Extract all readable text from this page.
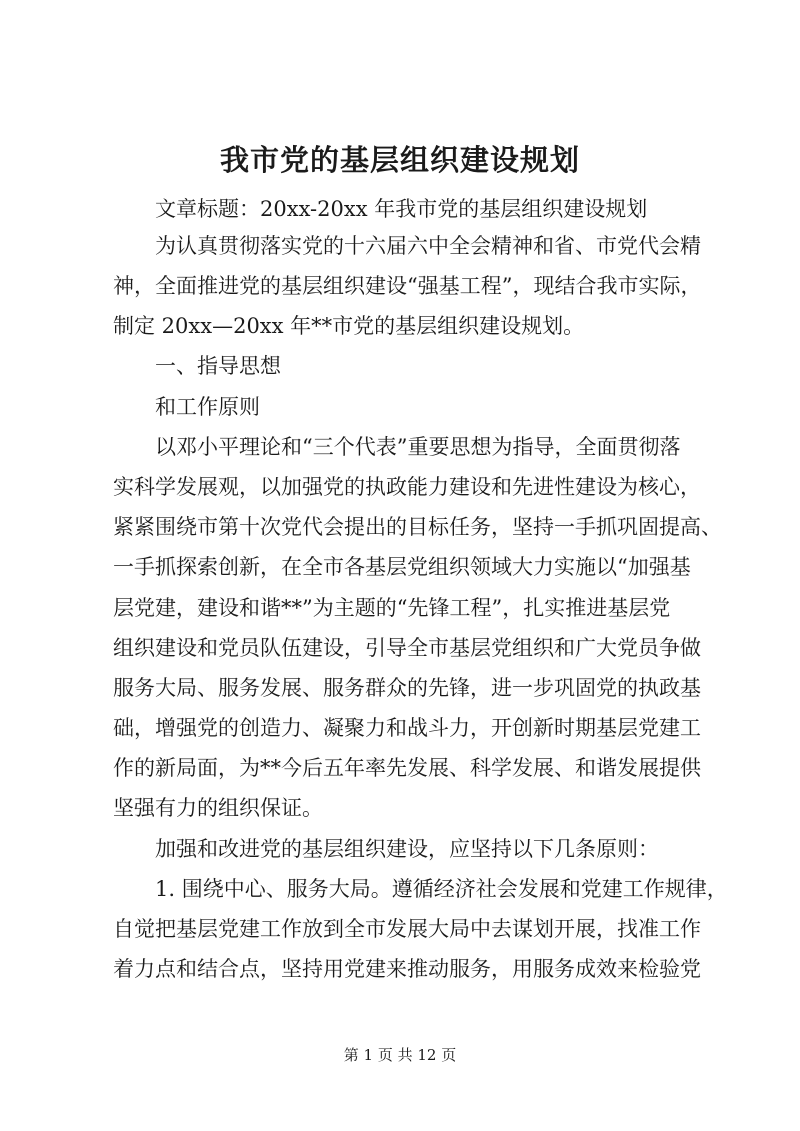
我市党的基层组织建设规划
　　文章标题：20xx-20xx 年我市党的基层组织建设规划
　　为认真贯彻落实党的十六届六中全会精神和省、市党代会精
神，全面推进党的基层组织建设“强基工程”，现结合我市实际，
制定 20xx—20xx 年**市党的基层组织建设规划。
　　一、指导思想
　　和工作原则
　　以邓小平理论和“三个代表”重要思想为指导，全面贯彻落
实科学发展观，以加强党的执政能力建设和先进性建设为核心，
紧紧围绕市第十次党代会提出的目标任务，坚持一手抓巩固提高、
一手抓探索创新，在全市各基层党组织领域大力实施以“加强基
层党建，建设和谐**”为主题的“先锋工程”，扎实推进基层党
组织建设和党员队伍建设，引导全市基层党组织和广大党员争做
服务大局、服务发展、服务群众的先锋，进一步巩固党的执政基
础，增强党的创造力、凝聚力和战斗力，开创新时期基层党建工
作的新局面，为**今后五年率先发展、科学发展、和谐发展提供
坚强有力的组织保证。
　　加强和改进党的基层组织建设，应坚持以下几条原则：
　　1. 围绕中心、服务大局。遵循经济社会发展和党建工作规律，
自觉把基层党建工作放到全市发展大局中去谋划开展，找准工作
着力点和结合点，坚持用党建来推动服务，用服务成效来检验党
第 1 页 共 12 页
